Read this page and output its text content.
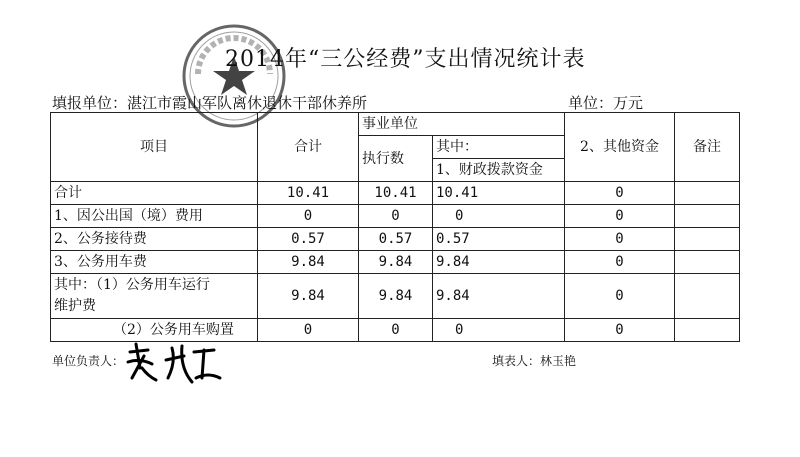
2014年“三公经费”支出情况统计表
填报单位：湛江市霞山军队离休退休干部休养所	单位：万元
项目	合计	事业单位		2、其他资金	备注
		执行数	其中：		
			1、财政拨款资金		
合计	10.41	10.41	10.41	0	
1、因公出国（境）费用	0	0	0	0	
2、公务接待费	0.57	0.57	0.57	0	
3、公务用车费	9.84	9.84	9.84	0	

其中：（1）公务用车运行
维护费	9.84	9.84	9.84	0	
（2）公务用车购置	0	0	0	0	
单位负责人：	填表人：林玉艳
